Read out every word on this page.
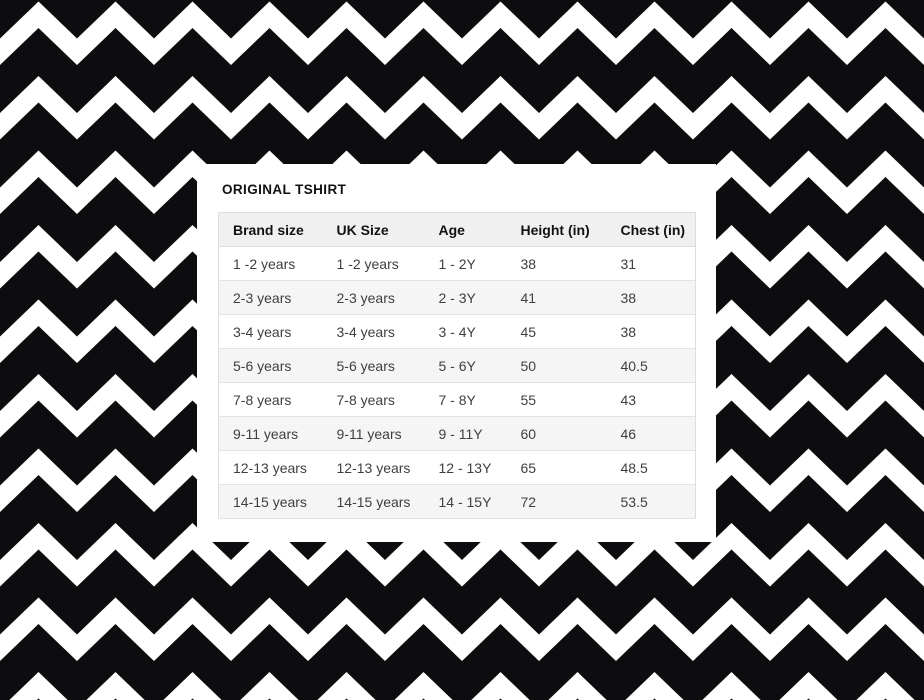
ORIGINAL TSHIRT
Brand size	UK Size	Age	Height (in)	Chest (in)
1 -2 years	1 -2 years	1 - 2Y	38	31
2-3 years	2-3 years	2 - 3Y	41	38
3-4 years	3-4 years	3 - 4Y	45	38
5-6 years	5-6 years	5 - 6Y	50	40.5
7-8 years	7-8 years	7 - 8Y	55	43
9-11 years	9-11 years	9 - 11Y	60	46
12-13 years	12-13 years	12 - 13Y	65	48.5
14-15 years	14-15 years	14 - 15Y	72	53.5
